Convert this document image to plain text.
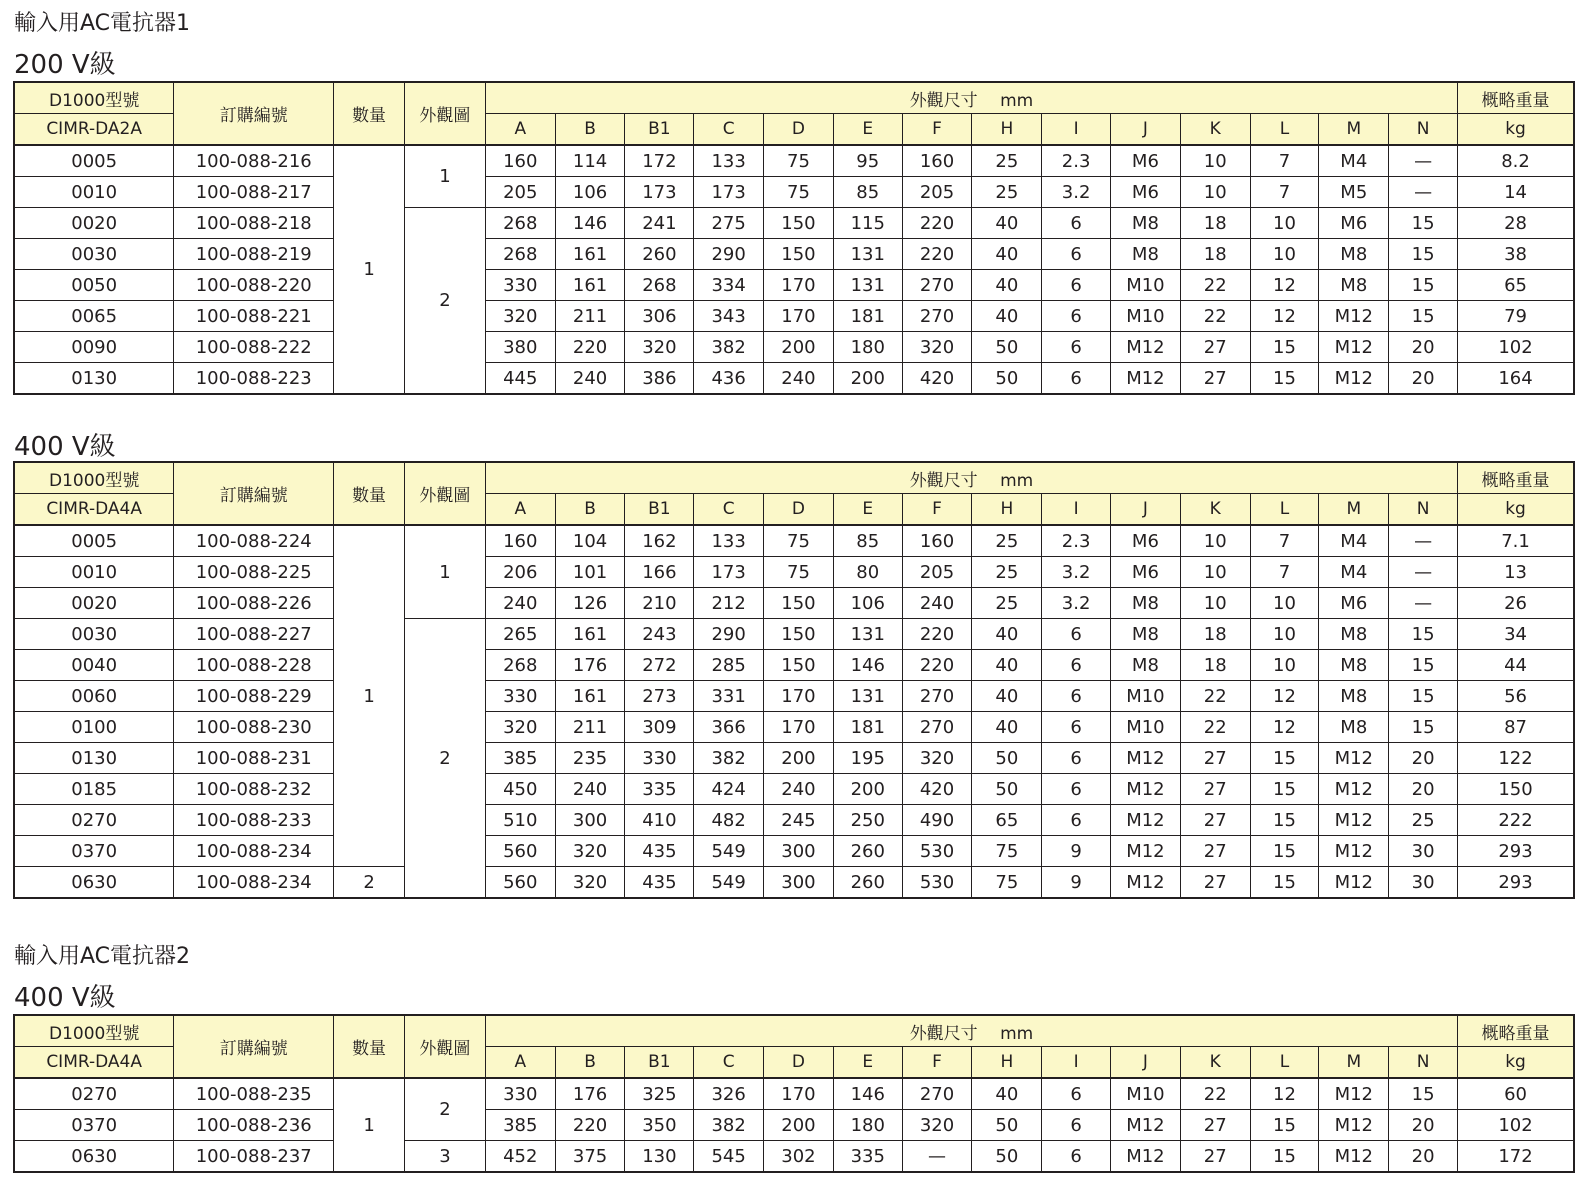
輸入用AC電抗器1
200 V級
D1000型號	訂購編號	數量	外觀圖	外觀尺寸　 mm														概略重量
CIMR-DA2A				A	B	B1	C	D	E	F	H	I	J	K	L	M	N	kg
0005	100-088-216	1	1	160	114	172	133	75	95	160	25	2.3	M6	10	7	M4	—	8.2
0010	100-088-217			205	106	173	173	75	85	205	25	3.2	M6	10	7	M5	—	14
0020	100-088-218		2	268	146	241	275	150	115	220	40	6	M8	18	10	M6	15	28
0030	100-088-219			268	161	260	290	150	131	220	40	6	M8	18	10	M8	15	38
0050	100-088-220			330	161	268	334	170	131	270	40	6	M10	22	12	M8	15	65
0065	100-088-221			320	211	306	343	170	181	270	40	6	M10	22	12	M12	15	79
0090	100-088-222			380	220	320	382	200	180	320	50	6	M12	27	15	M12	20	102
0130	100-088-223			445	240	386	436	240	200	420	50	6	M12	27	15	M12	20	164
400 V級
D1000型號	訂購編號	數量	外觀圖	外觀尺寸　 mm														概略重量
CIMR-DA4A				A	B	B1	C	D	E	F	H	I	J	K	L	M	N	kg
0005	100-088-224	1	1	160	104	162	133	75	85	160	25	2.3	M6	10	7	M4	—	7.1
0010	100-088-225			206	101	166	173	75	80	205	25	3.2	M6	10	7	M4	—	13
0020	100-088-226			240	126	210	212	150	106	240	25	3.2	M8	10	10	M6	—	26
0030	100-088-227		2	265	161	243	290	150	131	220	40	6	M8	18	10	M8	15	34
0040	100-088-228			268	176	272	285	150	146	220	40	6	M8	18	10	M8	15	44
0060	100-088-229			330	161	273	331	170	131	270	40	6	M10	22	12	M8	15	56
0100	100-088-230			320	211	309	366	170	181	270	40	6	M10	22	12	M8	15	87
0130	100-088-231			385	235	330	382	200	195	320	50	6	M12	27	15	M12	20	122
0185	100-088-232			450	240	335	424	240	200	420	50	6	M12	27	15	M12	20	150
0270	100-088-233			510	300	410	482	245	250	490	65	6	M12	27	15	M12	25	222
0370	100-088-234			560	320	435	549	300	260	530	75	9	M12	27	15	M12	30	293
0630	100-088-234	2		560	320	435	549	300	260	530	75	9	M12	27	15	M12	30	293
輸入用AC電抗器2
400 V級
D1000型號	訂購編號	數量	外觀圖	外觀尺寸　 mm														概略重量
CIMR-DA4A				A	B	B1	C	D	E	F	H	I	J	K	L	M	N	kg
0270	100-088-235	1	2	330	176	325	326	170	146	270	40	6	M10	22	12	M12	15	60
0370	100-088-236			385	220	350	382	200	180	320	50	6	M12	27	15	M12	20	102
0630	100-088-237		3	452	375	130	545	302	335	—	50	6	M12	27	15	M12	20	172
